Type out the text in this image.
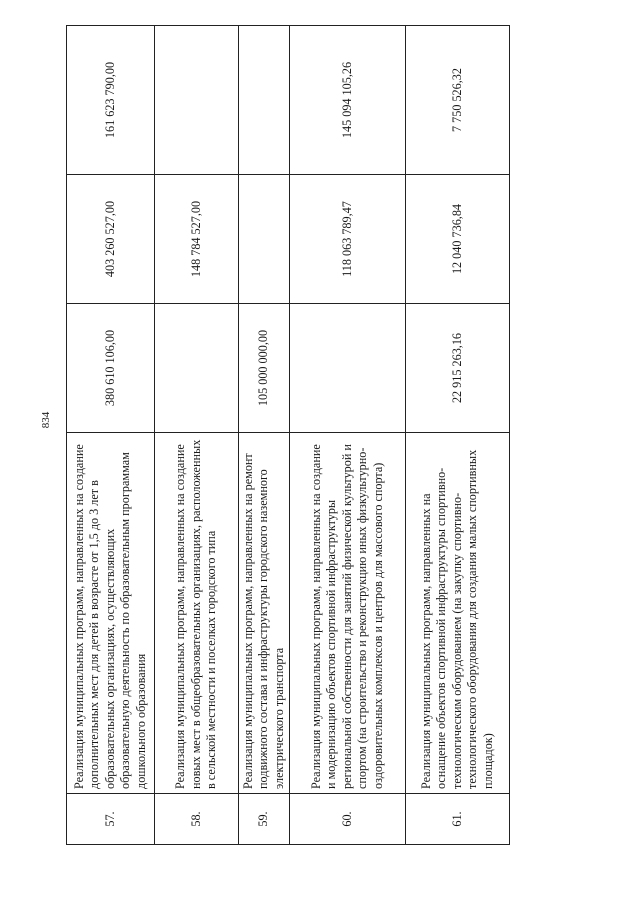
834
57.	Реализация муниципальных программ, направленных на создание дополнительных мест для детей в возрасте от 1,5 до 3 лет в образовательных организациях, осуществляющих образовательную деятельность по образовательным программам дошкольного образования	380 610 106,00	403 260 527,00	161 623 790,00
58.	Реализация муниципальных программ, направленных на создание новых мест в общеобразовательных организациях, расположенных в сельской местности и поселках городского типа		148 784 527,00	
59.	Реализация муниципальных программ, направленных на ремонт подвижного состава и инфраструктуры городского наземного электрического транспорта	105 000 000,00		
60.	Реализация муниципальных программ, направленных на создание и модернизацию объектов спортивной инфраструктуры региональной собственности для занятий физической культурой и спортом (на строительство и реконструкцию иных физкультурно-оздоровительных комплексов и центров для массового спорта)		118 063 789,47	145 094 105,26
61.	Реализация муниципальных программ, направленных на оснащение объектов спортивной инфраструктуры спортивно-технологическим оборудованием (на закупку спортивно-технологического оборудования для создания малых спортивных площадок)	22 915 263,16	12 040 736,84	7 750 526,32
